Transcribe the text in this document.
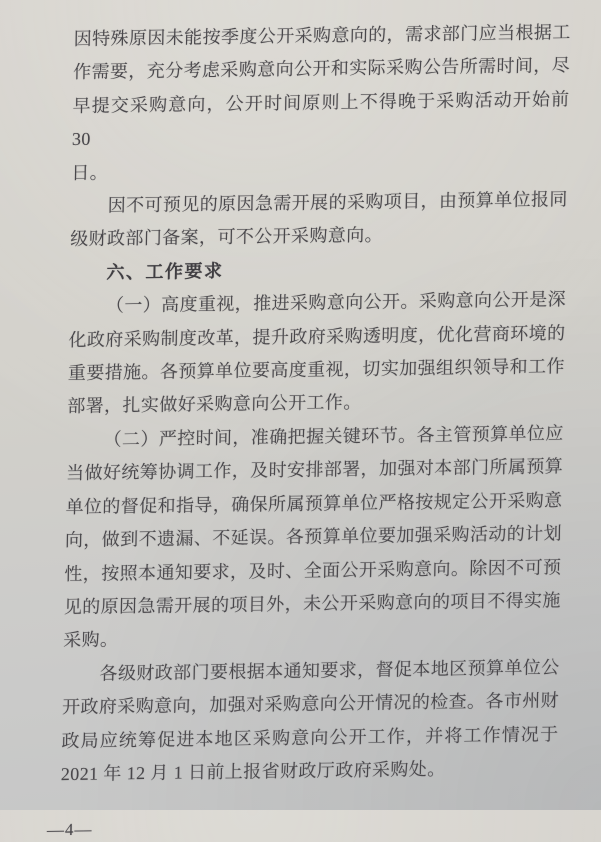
因特殊原因未能按季度公开采购意向的，需求部门应当根据工
作需要，充分考虑采购意向公开和实际采购公告所需时间，尽
早提交采购意向，公开时间原则上不得晚于采购活动开始前 30
日。
因不可预见的原因急需开展的采购项目，由预算单位报同
级财政部门备案，可不公开采购意向。
六、工作要求
（一）高度重视，推进采购意向公开。采购意向公开是深
化政府采购制度改革，提升政府采购透明度，优化营商环境的
重要措施。各预算单位要高度重视，切实加强组织领导和工作
部署，扎实做好采购意向公开工作。
（二）严控时间，准确把握关键环节。各主管预算单位应
当做好统筹协调工作，及时安排部署，加强对本部门所属预算
单位的督促和指导，确保所属预算单位严格按规定公开采购意
向，做到不遗漏、不延误。各预算单位要加强采购活动的计划
性，按照本通知要求，及时、全面公开采购意向。除因不可预
见的原因急需开展的项目外，未公开采购意向的项目不得实施
采购。
各级财政部门要根据本通知要求，督促本地区预算单位公
开政府采购意向，加强对采购意向公开情况的检查。各市州财
政局应统筹促进本地区采购意向公开工作，并将工作情况于
2021 年 12 月 1 日前上报省财政厅政府采购处。
—4—
